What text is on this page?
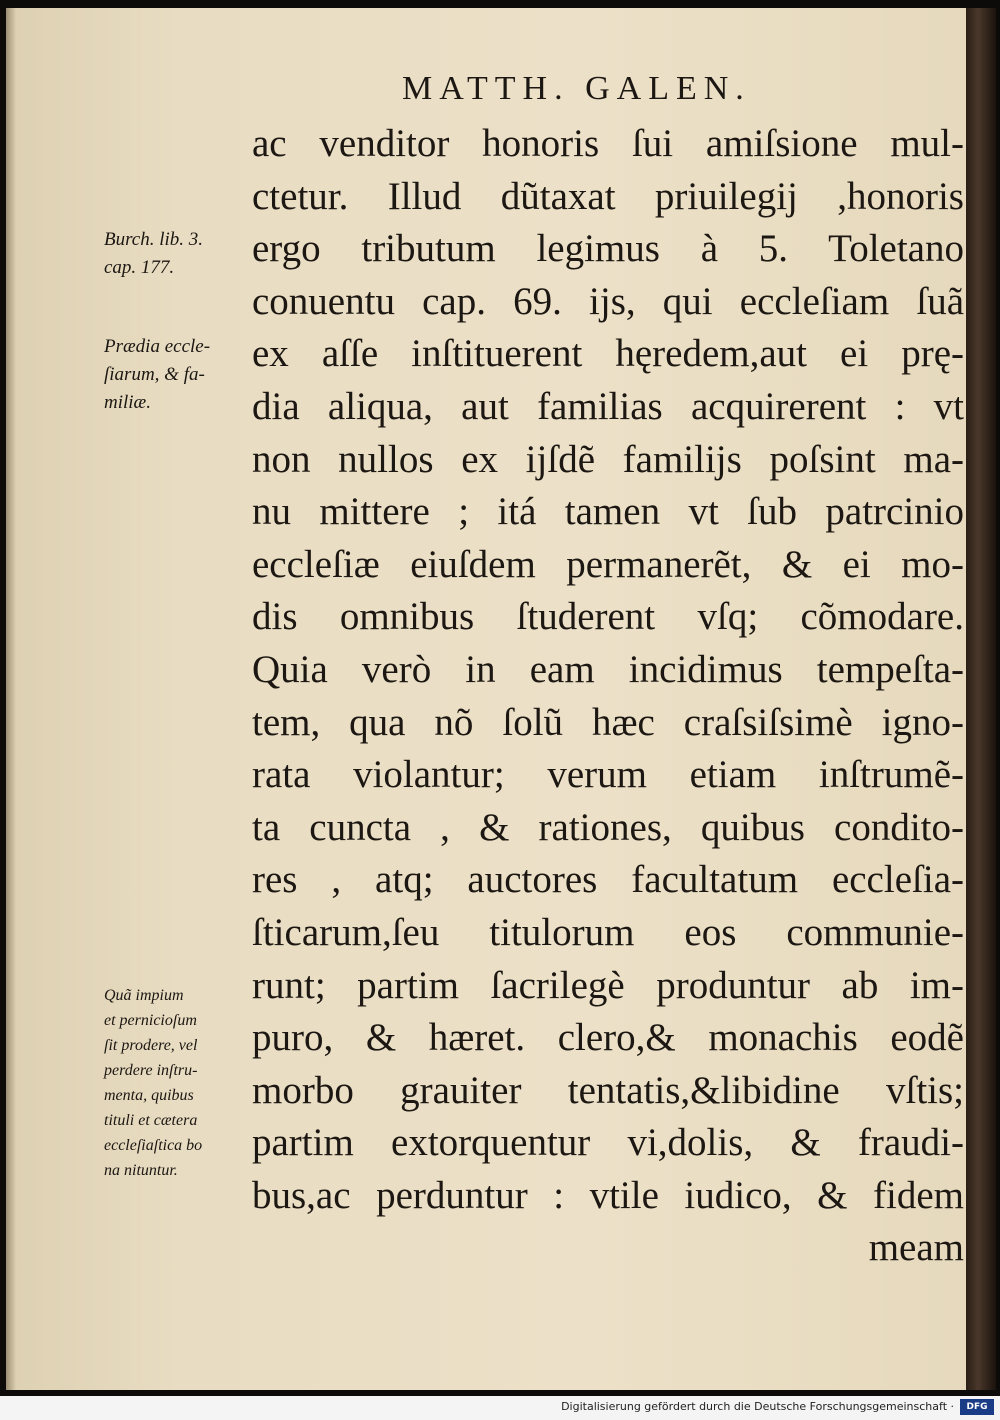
MATTH. GALEN.
Burch. lib. 3.
cap. 177.
Prædia eccle-
ſiarum, & fa-
miliæ.
Quã impium
et pernicioſum
ſit prodere, vel
perdere inſtru-
menta, quibus
tituli et cætera
eccleſiaſtica bo
na nituntur.
ac venditor honoris ſui amiſsione mul-
ctetur. Illud dũtaxat priuilegij ,honoris
ergo tributum legimus à 5. Toletano
conuentu cap. 69. ijs, qui eccleſiam ſuã
ex aſſe inſtituerent hęredem,aut ei prę-
dia aliqua, aut familias acquirerent : vt
non nullos ex ijſdẽ familijs poſsint ma-
nu mittere ; itá tamen vt ſub patrcinio
eccleſiæ eiuſdem permanerẽt, & ei mo-
dis omnibus ſtuderent vſq; cõmodare.
Quia verò in eam incidimus tempeſta-
tem, qua nõ ſolũ hæc craſsiſsimè igno-
rata violantur; verum etiam inſtrumẽ-
ta cuncta , & rationes, quibus condito-
res , atq; auctores facultatum eccleſia-
ſticarum,ſeu titulorum eos communie-
runt; partim ſacrilegè produntur ab im-
puro, & hæret. clero,& monachis eodẽ
morbo grauiter tentatis,&libidine vſtis;
partim extorquentur vi,dolis, & fraudi-
bus,ac perduntur : vtile iudico, & fidem
meam
Digitalisierung gefördert durch die Deutsche Forschungsgemeinschaft ·	DFG
